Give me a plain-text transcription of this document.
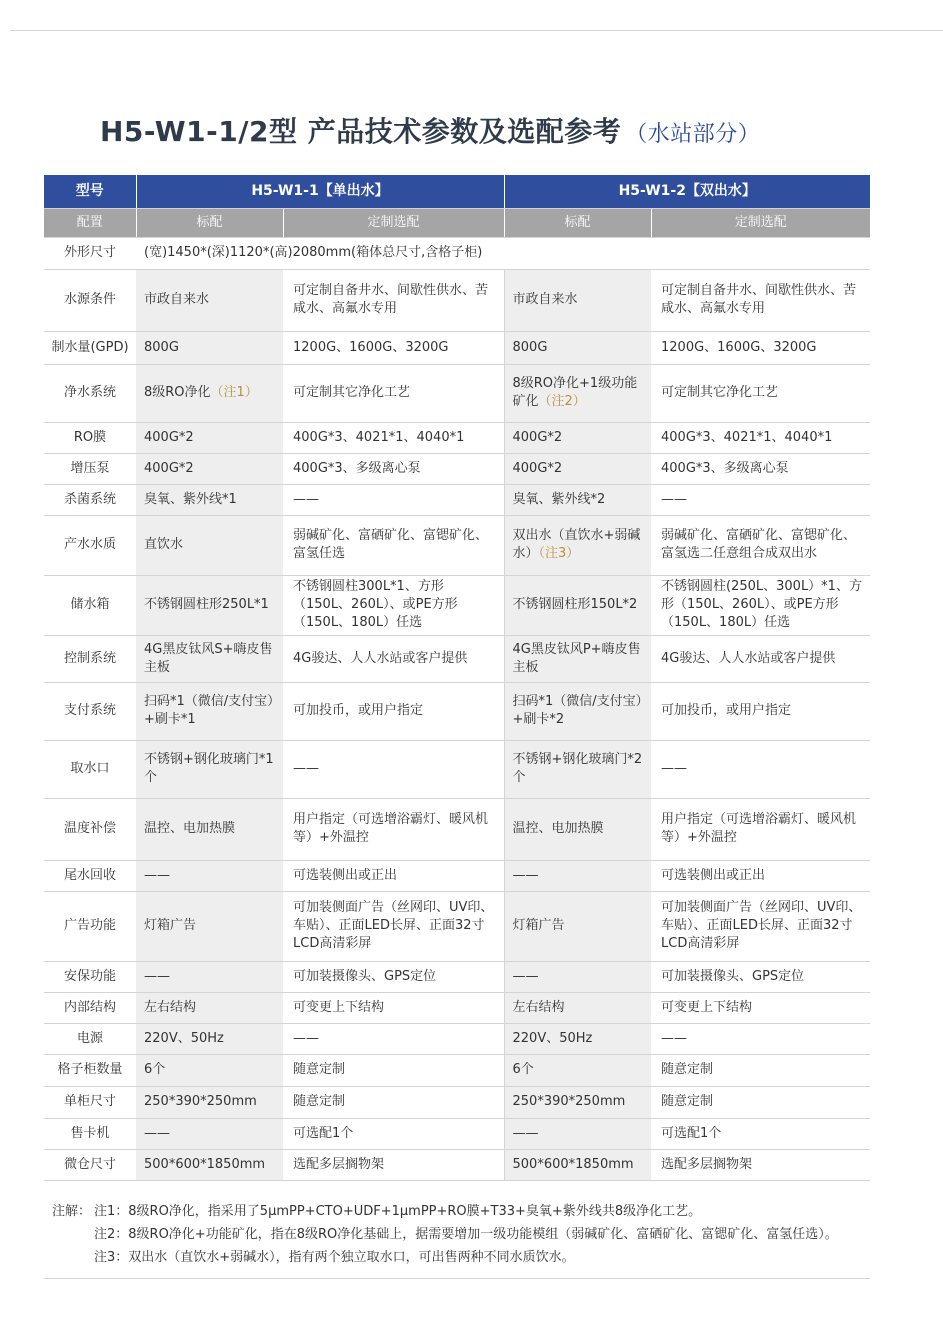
H5-W1-1/2型 产品技术参数及选配参考 （水站部分）
型号	H5-W1-1【单出水】		H5-W1-2【双出水】	
配置	标配	定制选配	标配	定制选配
外形尺寸	(宽)1450*(深)1120*(高)2080mm(箱体总尺寸,含格子柜)			
水源条件	市政自来水	可定制自备井水、间歇性供水、苦咸水、高氟水专用	市政自来水	可定制自备井水、间歇性供水、苦咸水、高氟水专用
制水量(GPD)	800G	1200G、1600G、3200G	800G	1200G、1600G、3200G
净水系统	8级RO净化（注1）	可定制其它净化工艺	8级RO净化+1级功能矿化（注2）	可定制其它净化工艺
RO膜	400G*2	400G*3、4021*1、4040*1	400G*2	400G*3、4021*1、4040*1
增压泵	400G*2	400G*3、多级离心泵	400G*2	400G*3、多级离心泵
杀菌系统	臭氧、紫外线*1	——	臭氧、紫外线*2	——
产水水质	直饮水	弱碱矿化、富硒矿化、富锶矿化、富氢任选	双出水（直饮水+弱碱水）（注3）	弱碱矿化、富硒矿化、富锶矿化、富氢选二任意组合成双出水
储水箱	不锈钢圆柱形250L*1	不锈钢圆柱300L*1、方形（150L、260L）、或PE方形（150L、180L）任选	不锈钢圆柱形150L*2	不锈钢圆柱(250L、300L）*1、方形（150L、260L）、或PE方形（150L、180L）任选
控制系统	4G黑皮钛风S+嗨皮售主板	4G骏达、人人水站或客户提供	4G黑皮钛风P+嗨皮售主板	4G骏达、人人水站或客户提供
支付系统	扫码*1（微信/支付宝）+刷卡*1	可加投币，或用户指定	扫码*1（微信/支付宝）+刷卡*2	可加投币，或用户指定
取水口	不锈钢+钢化玻璃门*1个	——	不锈钢+钢化玻璃门*2个	——
温度补偿	温控、电加热膜	用户指定（可选增浴霸灯、暖风机等）+外温控	温控、电加热膜	用户指定（可选增浴霸灯、暖风机等）+外温控
尾水回收	——	可选装侧出或正出	——	可选装侧出或正出
广告功能	灯箱广告	可加装侧面广告（丝网印、UV印、车贴）、正面LED长屏、正面32寸LCD高清彩屏	灯箱广告	可加装侧面广告（丝网印、UV印、车贴）、正面LED长屏、正面32寸LCD高清彩屏
安保功能	——	可加装摄像头、GPS定位	——	可加装摄像头、GPS定位
内部结构	左右结构	可变更上下结构	左右结构	可变更上下结构
电源	220V、50Hz	——	220V、50Hz	——
格子柜数量	6个	随意定制	6个	随意定制
单柜尺寸	250*390*250mm	随意定制	250*390*250mm	随意定制
售卡机	——	可选配1个	——	可选配1个
微仓尺寸	500*600*1850mm	选配多层搁物架	500*600*1850mm	选配多层搁物架
注解： 注1：8级RO净化，指采用了5μmPP+CTO+UDF+1μmPP+RO膜+T33+臭氧+紫外线共8级净化工艺。
注2：8级RO净化+功能矿化，指在8级RO净化基础上，据需要增加一级功能模组（弱碱矿化、富硒矿化、富锶矿化、富氢任选）。
注3：双出水（直饮水+弱碱水），指有两个独立取水口，可出售两种不同水质饮水。
